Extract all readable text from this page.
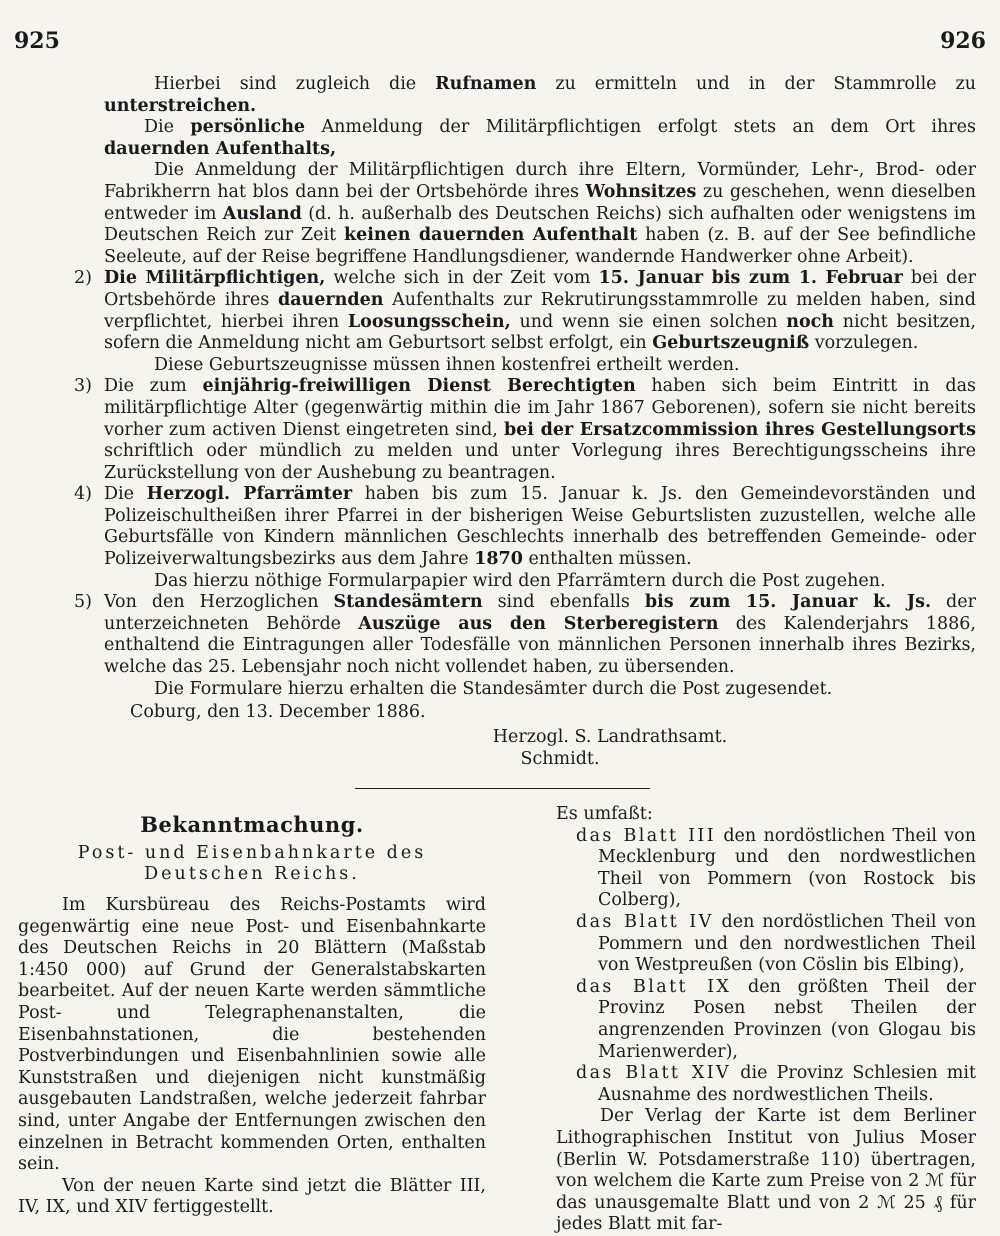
925	926

Hierbei sind zugleich die Rufnamen zu ermitteln und in der Stammrolle zu unterstreichen.

Die persönliche Anmeldung der Militärpflichtigen erfolgt stets an dem Ort ihres dauernden Aufenthalts,

Die Anmeldung der Militärpflichtigen durch ihre Eltern, Vormünder, Lehr-, Brod- oder Fabrikherrn hat blos dann bei der Ortsbehörde ihres Wohnsitzes zu geschehen, wenn dieselben entweder im Ausland (d. h. außerhalb des Deutschen Reichs) sich aufhalten oder wenigstens im Deutschen Reich zur Zeit keinen dauernden Aufenthalt haben (z. B. auf der See befindliche Seeleute, auf der Reise begriffene Handlungsdiener, wandernde Handwerker ohne Arbeit).

2) Die Militärpflichtigen, welche sich in der Zeit vom 15. Januar bis zum 1. Februar bei der Ortsbehörde ihres dauernden Aufenthalts zur Rekrutirungsstammrolle zu melden haben, sind verpflichtet, hierbei ihren Loosungsschein, und wenn sie einen solchen noch nicht besitzen, sofern die Anmeldung nicht am Geburtsort selbst erfolgt, ein Geburtszeugniß vorzulegen.

Diese Geburtszeugnisse müssen ihnen kostenfrei ertheilt werden.

3) Die zum einjährig-freiwilligen Dienst Berechtigten haben sich beim Eintritt in das militärpflichtige Alter (gegenwärtig mithin die im Jahr 1867 Geborenen), sofern sie nicht bereits vorher zum activen Dienst eingetreten sind, bei der Ersatzcommission ihres Gestellungsorts schriftlich oder mündlich zu melden und unter Vorlegung ihres Berechtigungsscheins ihre Zurückstellung von der Aushebung zu beantragen.

4) Die Herzogl. Pfarrämter haben bis zum 15. Januar k. Js. den Gemeindevorständen und Polizeischultheißen ihrer Pfarrei in der bisherigen Weise Geburtslisten zuzustellen, welche alle Geburtsfälle von Kindern männlichen Geschlechts innerhalb des betreffenden Gemeinde- oder Polizeiverwaltungsbezirks aus dem Jahre 1870 enthalten müssen.

Das hierzu nöthige Formularpapier wird den Pfarrämtern durch die Post zugehen.

5) Von den Herzoglichen Standesämtern sind ebenfalls bis zum 15. Januar k. Js. der unterzeichneten Behörde Auszüge aus den Sterberegistern des Kalenderjahrs 1886, enthaltend die Eintragungen aller Todesfälle von männlichen Personen innerhalb ihres Bezirks, welche das 25. Lebensjahr noch nicht vollendet haben, zu übersenden.

Die Formulare hierzu erhalten die Standesämter durch die Post zugesendet.

Coburg, den 13. December 1886.

Herzogl. S. Landrathsamt.

Schmidt.

Bekanntmachung.

Post- und Eisenbahnkarte des Deutschen Reichs.

Im Kursbüreau des Reichs-Postamts wird gegenwärtig eine neue Post- und Eisenbahnkarte des Deutschen Reichs in 20 Blättern (Maßstab 1:450 000) auf Grund der Generalstabskarten bearbeitet. Auf der neuen Karte werden sämmtliche Post- und Telegraphenanstalten, die Eisenbahnstationen, die bestehenden Postverbindungen und Eisenbahnlinien sowie alle Kunststraßen und diejenigen nicht kunstmäßig ausgebauten Landstraßen, welche jederzeit fahrbar sind, unter Angabe der Entfernungen zwischen den einzelnen in Betracht kommenden Orten, enthalten sein.

Von der neuen Karte sind jetzt die Blätter III, IV, IX, und XIV fertiggestellt.

Es umfaßt:

das Blatt III den nordöstlichen Theil von Mecklenburg und den nordwestlichen Theil von Pommern (von Rostock bis Colberg),

das Blatt IV den nordöstlichen Theil von Pommern und den nordwestlichen Theil von Westpreußen (von Cöslin bis Elbing),

das Blatt IX den größten Theil der Provinz Posen nebst Theilen der angrenzenden Provinzen (von Glogau bis Marienwerder),

das Blatt XIV die Provinz Schlesien mit Ausnahme des nordwestlichen Theils.

Der Verlag der Karte ist dem Berliner Lithographischen Institut von Julius Moser (Berlin W. Potsdamerstraße 110) übertragen, von welchem die Karte zum Preise von 2 ℳ für das unausgemalte Blatt und von 2 ℳ 25 ₰ für jedes Blatt mit far-
